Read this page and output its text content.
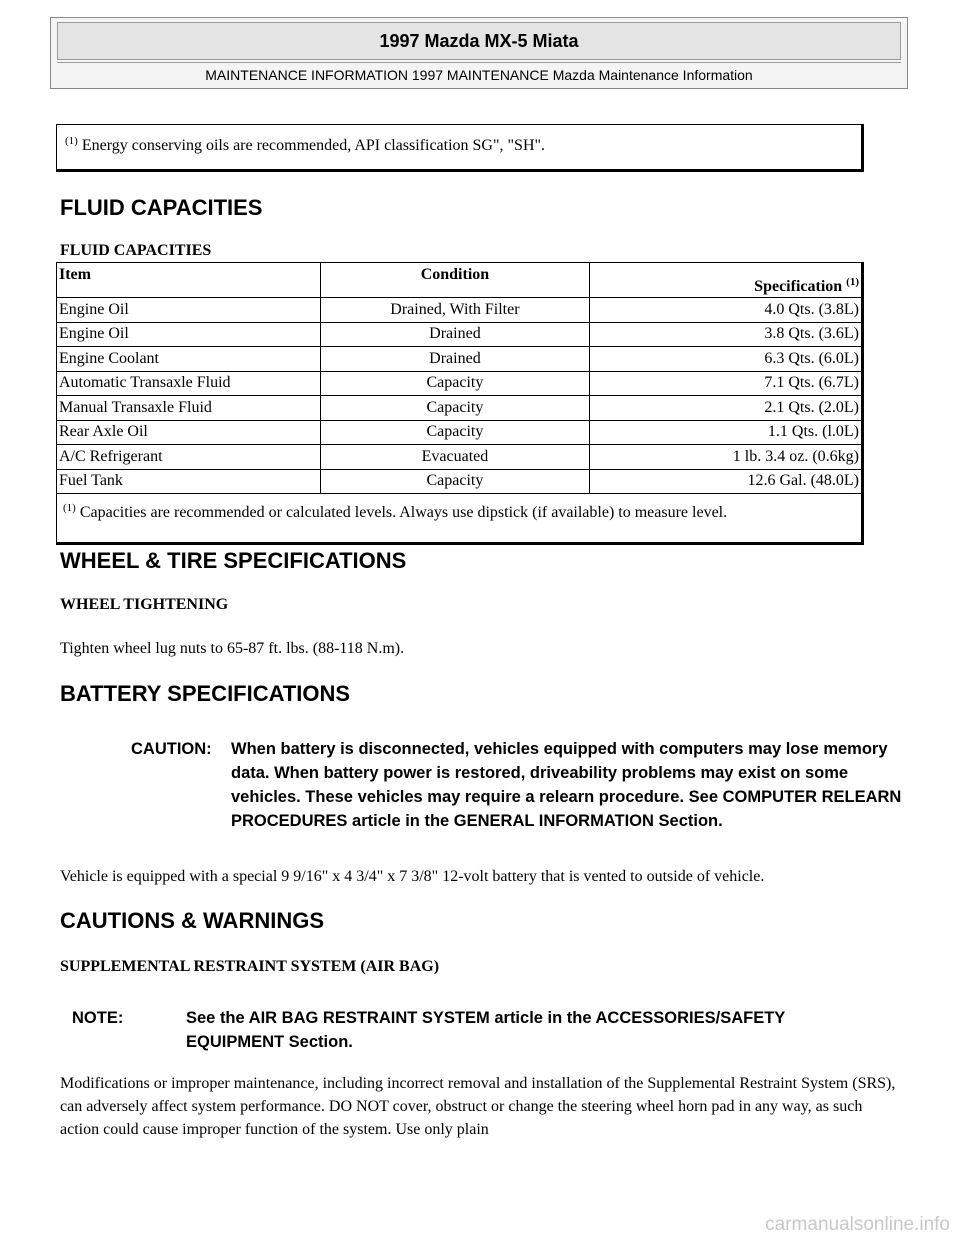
1997 Mazda MX-5 Miata
MAINTENANCE INFORMATION 1997 MAINTENANCE Mazda Maintenance Information
$^{(1)}$ Energy conserving oils are recommended, API classification SG", "SH".
FLUID CAPACITIES
FLUID CAPACITIES
Item	Condition	Specification $^{(1)}$
Engine Oil	Drained, With Filter	4.0 Qts. (3.8L)
Engine Oil	Drained	3.8 Qts. (3.6L)
Engine Coolant	Drained	6.3 Qts. (6.0L)
Automatic Transaxle Fluid	Capacity	7.1 Qts. (6.7L)
Manual Transaxle Fluid	Capacity	2.1 Qts. (2.0L)
Rear Axle Oil	Capacity	1.1 Qts. (l.0L)
A/C Refrigerant	Evacuated	1 lb. 3.4 oz. (0.6kg)
Fuel Tank	Capacity	12.6 Gal. (48.0L)
$^{(1)}$ Capacities are recommended or calculated levels. Always use dipstick (if available) to measure level.		
WHEEL & TIRE SPECIFICATIONS
WHEEL TIGHTENING
Tighten wheel lug nuts to 65-87 ft. lbs. (88-118 N.m).
BATTERY SPECIFICATIONS
CAUTION: When battery is disconnected, vehicles equipped with computers may lose memory data. When battery power is restored, driveability problems may exist on some vehicles. These vehicles may require a relearn procedure. See COMPUTER RELEARN PROCEDURES article in the GENERAL INFORMATION Section.
Vehicle is equipped with a special 9 9/16" x 4 3/4" x 7 3/8" 12-volt battery that is vented to outside of vehicle.
CAUTIONS & WARNINGS
SUPPLEMENTAL RESTRAINT SYSTEM (AIR BAG)
NOTE:	See the AIR BAG RESTRAINT SYSTEM article in the ACCESSORIES/SAFETY EQUIPMENT Section.
Modifications or improper maintenance, including incorrect removal and installation of the Supplemental Restraint System (SRS), can adversely affect system performance. DO NOT cover, obstruct or change the steering wheel horn pad in any way, as such action could cause improper function of the system. Use only plain
carmanualsonline.info
